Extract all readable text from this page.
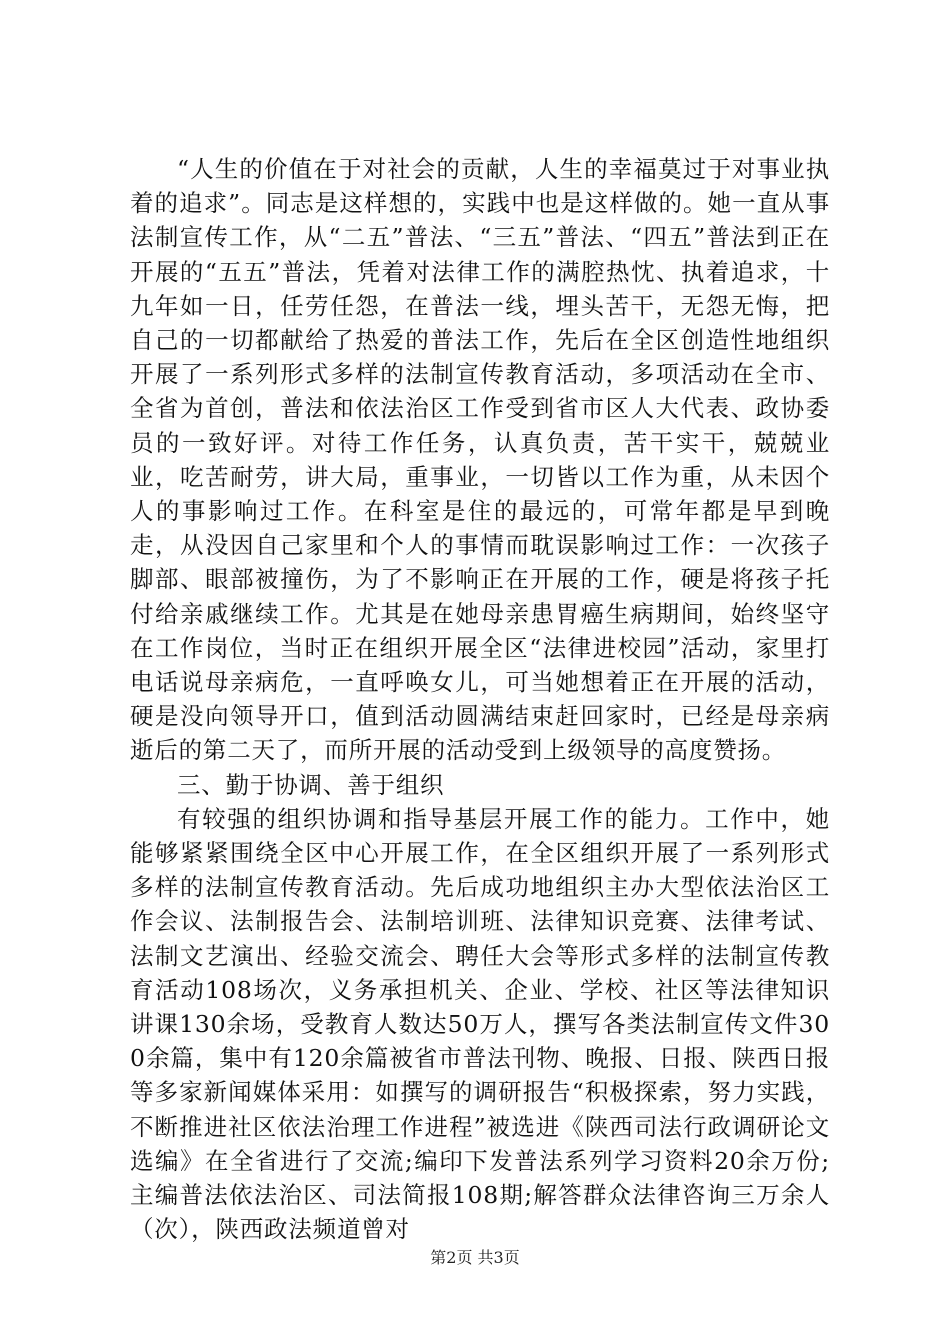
“人生的价值在于对社会的贡献，人生的幸福莫过于对事业执着的追求”。同志是这样想的，实践中也是这样做的。她一直从事法制宣传工作，从“二五”普法、“三五”普法、“四五”普法到正在开展的“五五”普法，凭着对法律工作的满腔热忱、执着追求，十九年如一日，任劳任怨，在普法一线，埋头苦干，无怨无悔，把自己的一切都献给了热爱的普法工作，先后在全区创造性地组织开展了一系列形式多样的法制宣传教育活动，多项活动在全市、全省为首创，普法和依法治区工作受到省市区人大代表、政协委员的一致好评。对待工作任务，认真负责，苦干实干，兢兢业业，吃苦耐劳，讲大局，重事业，一切皆以工作为重，从未因个人的事影响过工作。在科室是住的最远的，可常年都是早到晚走，从没因自己家里和个人的事情而耽误影响过工作：一次孩子脚部、眼部被撞伤，为了不影响正在开展的工作，硬是将孩子托付给亲戚继续工作。尤其是在她母亲患胃癌生病期间，始终坚守在工作岗位，当时正在组织开展全区“法律进校园”活动，家里打电话说母亲病危，一直呼唤女儿，可当她想着正在开展的活动，硬是没向领导开口，值到活动圆满结束赶回家时，已经是母亲病逝后的第二天了，而所开展的活动受到上级领导的高度赞扬。

三、勤于协调、善于组织

有较强的组织协调和指导基层开展工作的能力。工作中，她能够紧紧围绕全区中心开展工作，在全区组织开展了一系列形式多样的法制宣传教育活动。先后成功地组织主办大型依法治区工作会议、法制报告会、法制培训班、法律知识竞赛、法律考试、法制文艺演出、经验交流会、聘任大会等形式多样的法制宣传教育活动108场次，义务承担机关、企业、学校、社区等法律知识讲课130余场，受教育人数达50万人，撰写各类法制宣传文件300余篇，集中有120余篇被省市普法刊物、晚报、日报、陕西日报等多家新闻媒体采用：如撰写的调研报告“积极探索，努力实践，不断推进社区依法治理工作进程”被选进《陕西司法行政调研论文选编》在全省进行了交流;编印下发普法系列学习资料20余万份;主编普法依法治区、司法简报108期;解答群众法律咨询三万余人（次），陕西政法频道曾对

第2页 共3页
